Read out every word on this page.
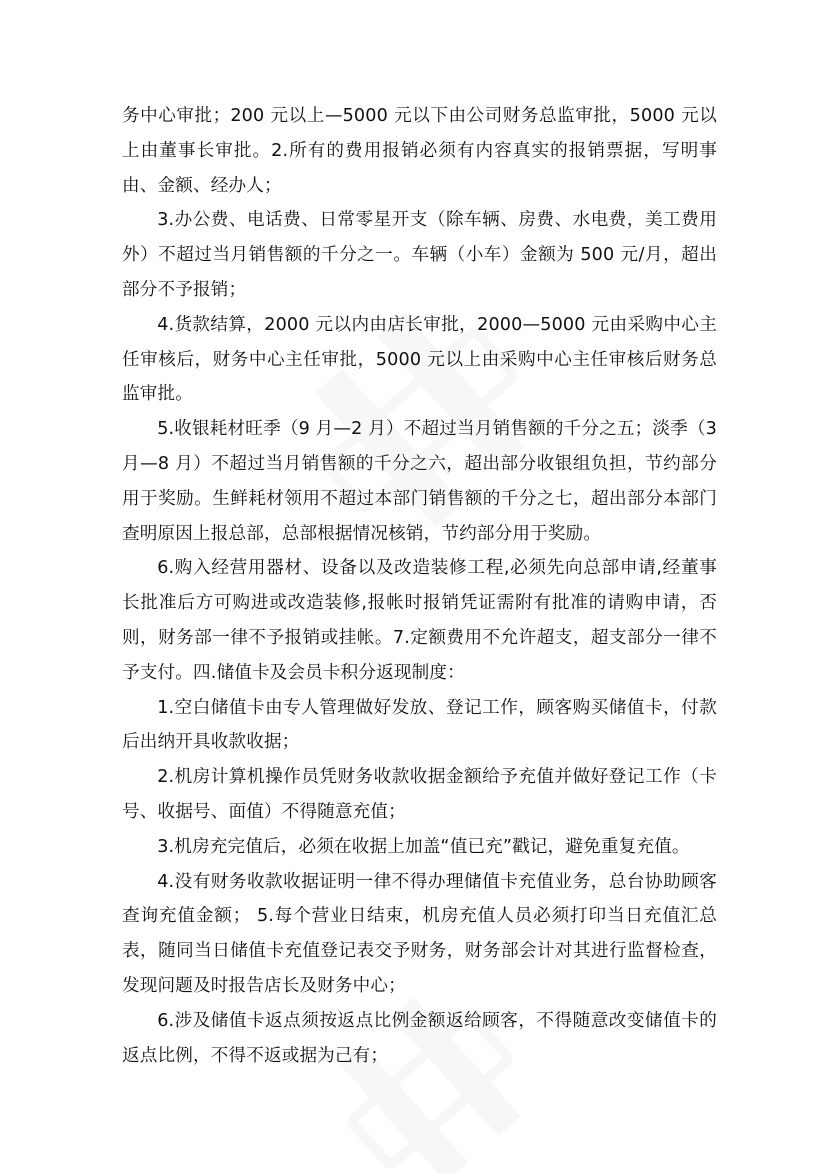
务中心审批；200 元以上—5000 元以下由公司财务总监审批，5000 元以上由董事长审批。2.所有的费用报销必须有内容真实的报销票据，写明事由、金额、经办人；

3.办公费、电话费、日常零星开支（除车辆、房费、水电费，美工费用外）不超过当月销售额的千分之一。车辆（小车）金额为 500 元/月，超出部分不予报销；

4.货款结算，2000 元以内由店长审批，2000—5000 元由采购中心主任审核后，财务中心主任审批，5000 元以上由采购中心主任审核后财务总监审批。

5.收银耗材旺季（9 月—2 月）不超过当月销售额的千分之五；淡季（3 月—8 月）不超过当月销售额的千分之六，超出部分收银组负担，节约部分用于奖励。生鲜耗材领用不超过本部门销售额的千分之七，超出部分本部门查明原因上报总部，总部根据情况核销，节约部分用于奖励。

6.购入经营用器材、设备以及改造装修工程,必须先向总部申请,经董事长批准后方可购进或改造装修,报帐时报销凭证需附有批准的请购申请，否则，财务部一律不予报销或挂帐。7.定额费用不允许超支，超支部分一律不予支付。四.储值卡及会员卡积分返现制度：

1.空白储值卡由专人管理做好发放、登记工作，顾客购买储值卡，付款后出纳开具收款收据；

2.机房计算机操作员凭财务收款收据金额给予充值并做好登记工作（卡号、收据号、面值）不得随意充值；

3.机房充完值后，必须在收据上加盖“值已充”戳记，避免重复充值。

4.没有财务收款收据证明一律不得办理储值卡充值业务，总台协助顾客查询充值金额； 5.每个营业日结束，机房充值人员必须打印当日充值汇总表，随同当日储值卡充值登记表交予财务，财务部会计对其进行监督检查，发现问题及时报告店长及财务中心；

6.涉及储值卡返点须按返点比例金额返给顾客，不得随意改变储值卡的返点比例，不得不返或据为己有；
